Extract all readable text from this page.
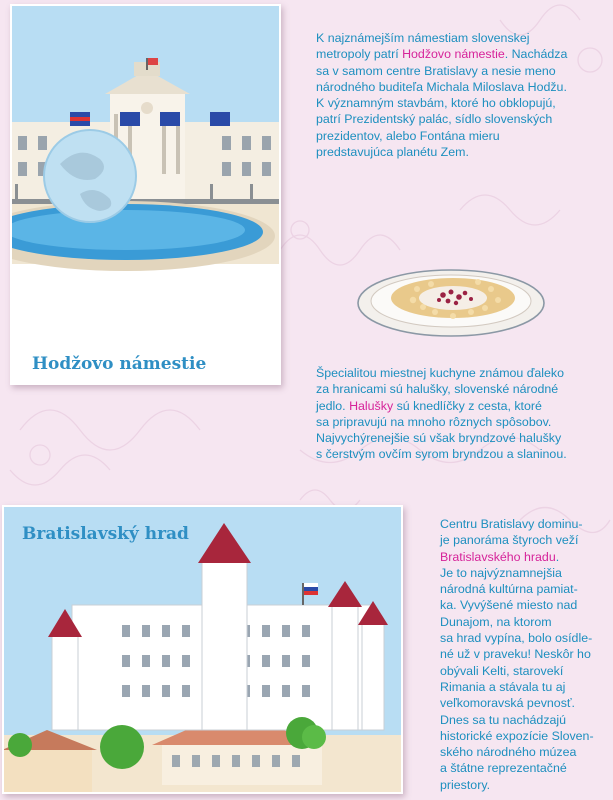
Hodžovo námestie

K najznámejším námestiam slovenskej

metropoly patrí Hodžovo námestie. Nachádza

sa v samom centre Bratislavy a nesie meno

národného buditeľa Michala Miloslava Hodžu.

K významným stavbám, ktoré ho obklopujú,

patrí Prezidentský palác, sídlo slovenských

prezidentov, alebo Fontána mieru

predstavujúca planétu Zem.

Špecialitou miestnej kuchyne známou ďaleko

za hranicami sú halušky, slovenské národné

jedlo. Halušky sú knedlíčky z cesta, ktoré

sa pripravujú na mnoho rôznych spôsobov.

Najvychýrenejšie sú však bryndzové halušky

s čerstvým ovčím syrom bryndzou a slaninou.

Bratislavský hrad	Centru Bratislavy dominu-

je panoráma štyroch veží

Bratislavského hradu.

Je to najvýznamnejšia

národná kultúrna pamiat-

ka. Vyvýšené miesto nad

Dunajom, na ktorom

sa hrad vypína, bolo osídle-

né už v praveku! Neskôr ho

obývali Kelti, starovekí

Rimania a stávala tu aj

veľkomoravská pevnosť.

Dnes sa tu nachádzajú

historické expozície Sloven-

ského národného múzea

a štátne reprezentačné

priestory.
